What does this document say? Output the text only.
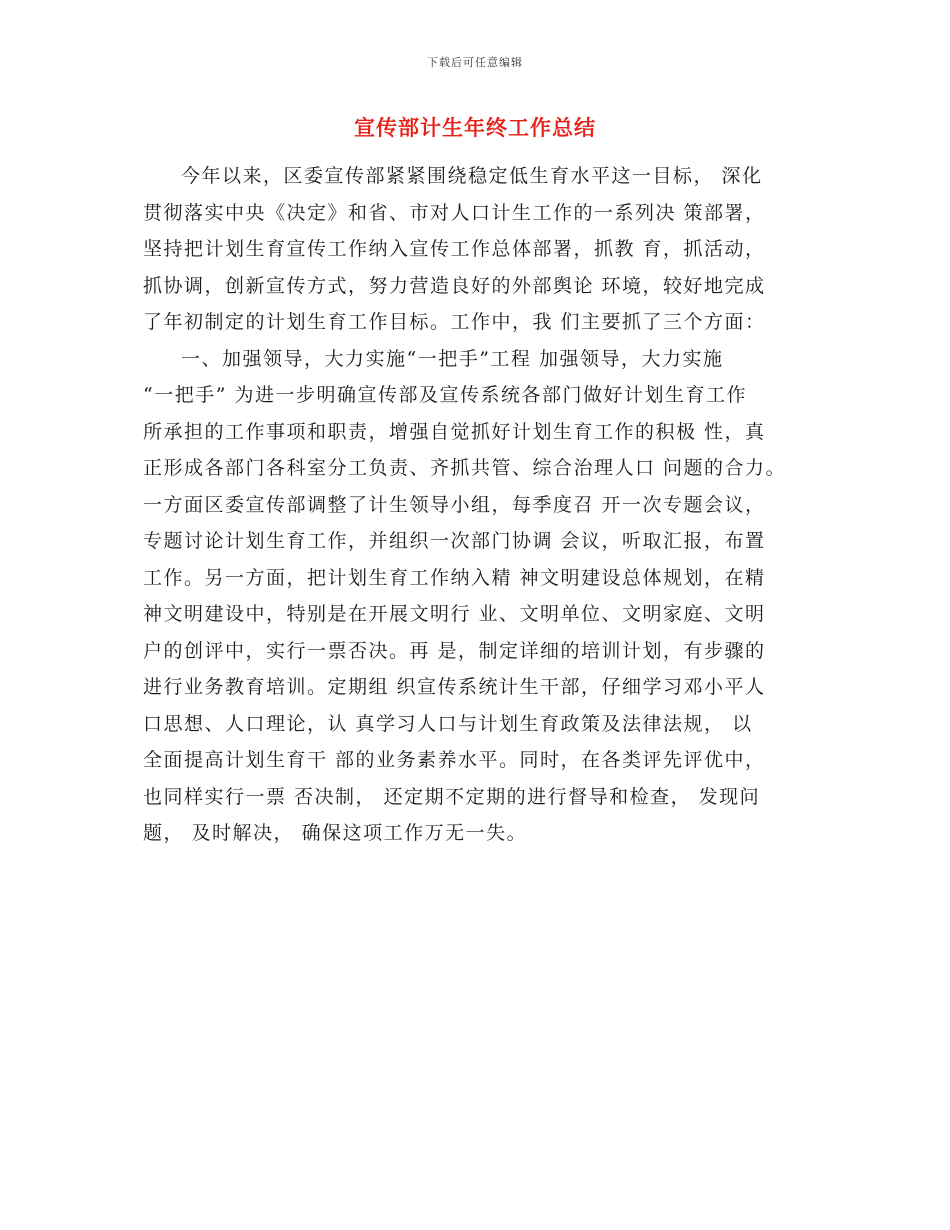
下载后可任意编辑
宣传部计生年终工作总结
今年以来，区委宣传部紧紧围绕稳定低生育水平这一目标， 深化
贯彻落实中央《决定》和省、市对人口计生工作的一系列决 策部署，
坚持把计划生育宣传工作纳入宣传工作总体部署，抓教 育，抓活动，
抓协调，创新宣传方式，努力营造良好的外部舆论 环境，较好地完成
了年初制定的计划生育工作目标。工作中，我 们主要抓了三个方面：
一、加强领导，大力实施“一把手”工程 加强领导，大力实施
“一把手” 为进一步明确宣传部及宣传系统各部门做好计划生育工作
所承担的工作事项和职责，增强自觉抓好计划生育工作的积极 性，真
正形成各部门各科室分工负责、齐抓共管、综合治理人口 问题的合力。
一方面区委宣传部调整了计生领导小组，每季度召 开一次专题会议，
专题讨论计划生育工作，并组织一次部门协调 会议，听取汇报，布置
工作。另一方面，把计划生育工作纳入精 神文明建设总体规划，在精
神文明建设中，特别是在开展文明行 业、文明单位、文明家庭、文明
户的创评中，实行一票否决。再 是，制定详细的培训计划，有步骤的
进行业务教育培训。定期组 织宣传系统计生干部，仔细学习邓小平人
口思想、人口理论，认 真学习人口与计划生育政策及法律法规， 以
全面提高计划生育干 部的业务素养水平。同时，在各类评先评优中，
也同样实行一票 否决制， 还定期不定期的进行督导和检查， 发现问
题， 及时解决， 确保这项工作万无一失。
